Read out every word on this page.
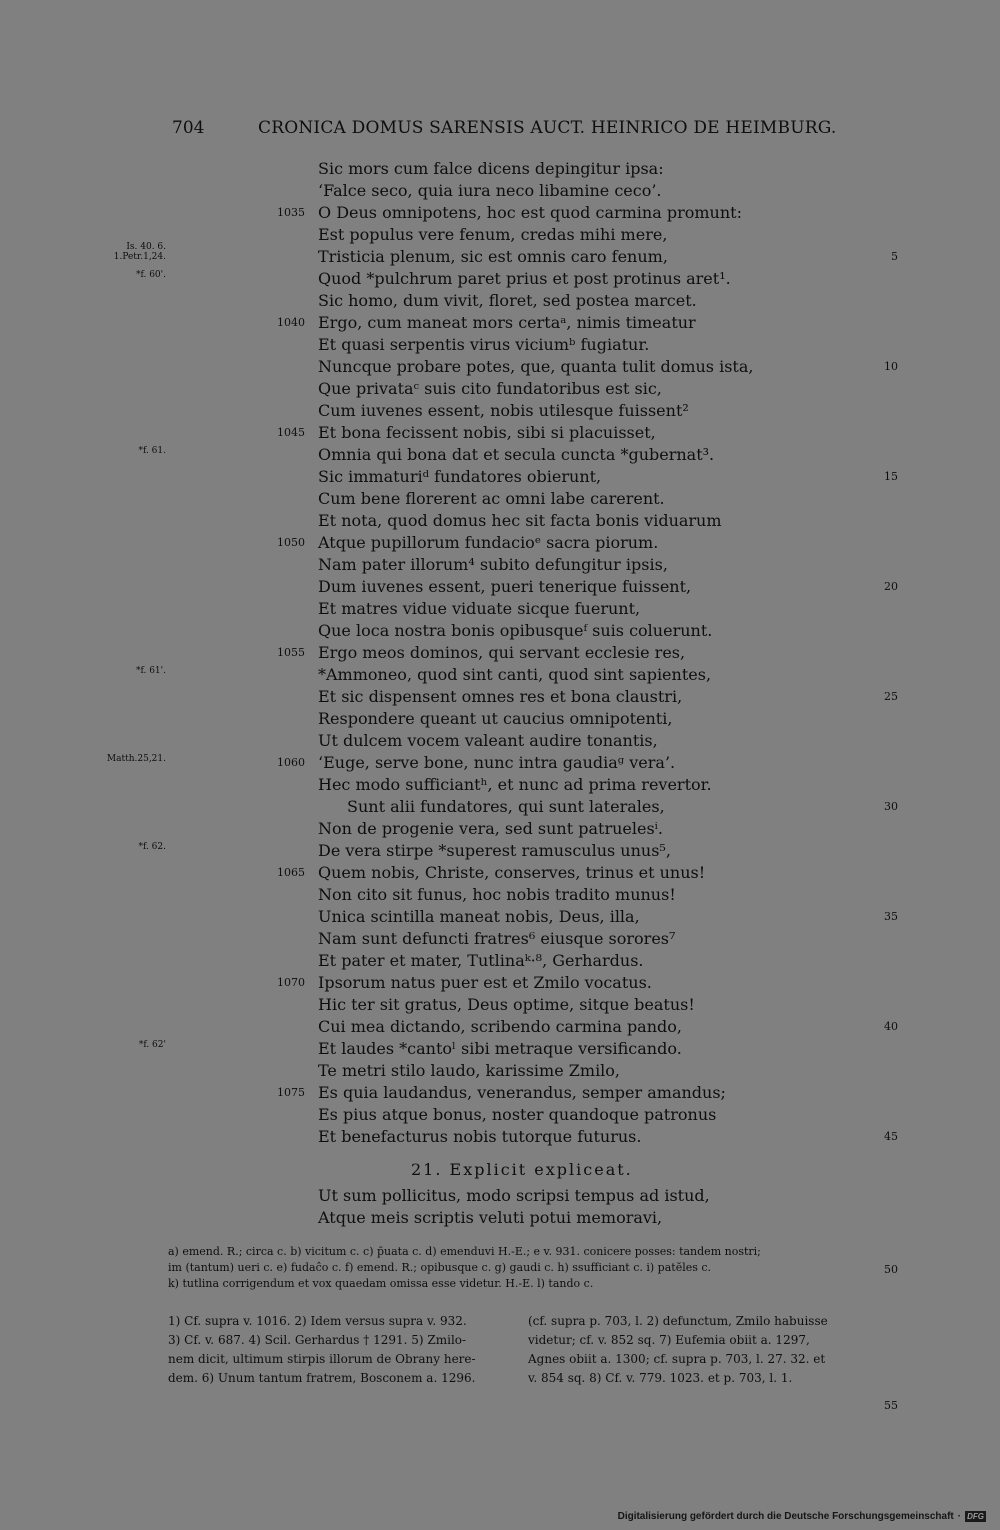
704	CRONICA DOMUS SARENSIS AUCT. HEINRICO DE HEIMBURG.
Sic mors cum falce dicens depingitur ipsa:
‘Falce seco, quia iura neco libamine ceco’.
O Deus omnipotens, hoc est quod carmina promunt:
1035
Est populus vere fenum, credas mihi mere,
Tristicia plenum, sic est omnis caro fenum,	5
Is. 40. 6.
1.Petr.1,24.
Quod *pulchrum paret prius et post protinus aret¹.
*f. 60'.
Sic homo, dum vivit, floret, sed postea marcet.
Ergo, cum maneat mors certaᵃ, nimis timeatur
1040
Et quasi serpentis virus viciumᵇ fugiatur.
Nuncque probare potes, que, quanta tulit domus ista,	10
Que privataᶜ suis cito fundatoribus est sic,
Cum iuvenes essent, nobis utilesque fuissent²
Et bona fecissent nobis, sibi si placuisset,
1045
Omnia qui bona dat et secula cuncta *gubernat³.
*f. 61.
Sic immaturiᵈ fundatores obierunt,	15
Cum bene florerent ac omni labe carerent.
Et nota, quod domus hec sit facta bonis viduarum
Atque pupillorum fundacioᵉ sacra piorum.
1050
Nam pater illorum⁴ subito defungitur ipsis,
Dum iuvenes essent, pueri tenerique fuissent,	20
Et matres vidue viduate sicque fuerunt,
Que loca nostra bonis opibusqueᶠ suis coluerunt.
Ergo meos dominos, qui servant ecclesie res,
1055
*Ammoneo, quod sint canti, quod sint sapientes,
*f. 61'.
Et sic dispensent omnes res et bona claustri,	25
Respondere queant ut caucius omnipotenti,
Ut dulcem vocem valeant audire tonantis,
‘Euge, serve bone, nunc intra gaudiaᵍ vera’.
1060
Matth.25,21.
Hec modo sufficiantʰ, et nunc ad prima revertor.
Sunt alii fundatores, qui sunt laterales,	30
Non de progenie vera, sed sunt patruelesⁱ.
De vera stirpe *superest ramusculus unus⁵,
*f. 62.
Quem nobis, Christe, conserves, trinus et unus!
1065
Non cito sit funus, hoc nobis tradito munus!
Unica scintilla maneat nobis, Deus, illa,	35
Nam sunt defuncti fratres⁶ eiusque sorores⁷
Et pater et mater, Tutlinaᵏ·⁸, Gerhardus.
Ipsorum natus puer est et Zmilo vocatus.
1070
Hic ter sit gratus, Deus optime, sitque beatus!
Cui mea dictando, scribendo carmina pando,	40
Et laudes *cantoˡ sibi metraque versificando.
*f. 62'
Te metri stilo laudo, karissime Zmilo,
Es quia laudandus, venerandus, semper amandus;
1075
Es pius atque bonus, noster quandoque patronus
Et benefacturus nobis tutorque futurus.	45
21. Explicit expliceat.
Ut sum pollicitus, modo scripsi tempus ad istud,
Atque meis scriptis veluti potui memoravi,
a) emend. R.; circa c. b) vicitum c. c) p̄uata c. d) emenduvi H.-E.; e v. 931. conicere posses: tandem nostri;
im (tantum) ueri c. e) fudaĉo c. f) emend. R.; opibusque c. g) gaudi c. h) ssufficiant c. i) patĕles c.
k) tutlina corrigendum et vox quaedam omissa esse videtur. H.-E. l) tando c.
50
1) Cf. supra v. 1016. 2) Idem versus supra v. 932.
3) Cf. v. 687. 4) Scil. Gerhardus † 1291. 5) Zmilo-
nem dicit, ultimum stirpis illorum de Obrany here-
dem. 6) Unum tantum fratrem, Bosconem a. 1296.
(cf. supra p. 703, l. 2) defunctum, Zmilo habuisse
videtur; cf. v. 852 sq. 7) Eufemia obiit a. 1297,
Agnes obiit a. 1300; cf. supra p. 703, l. 27. 32. et
v. 854 sq. 8) Cf. v. 779. 1023. et p. 703, l. 1.
55
Digitalisierung gefördert durch die Deutsche Forschungsgemeinschaft · DFG
